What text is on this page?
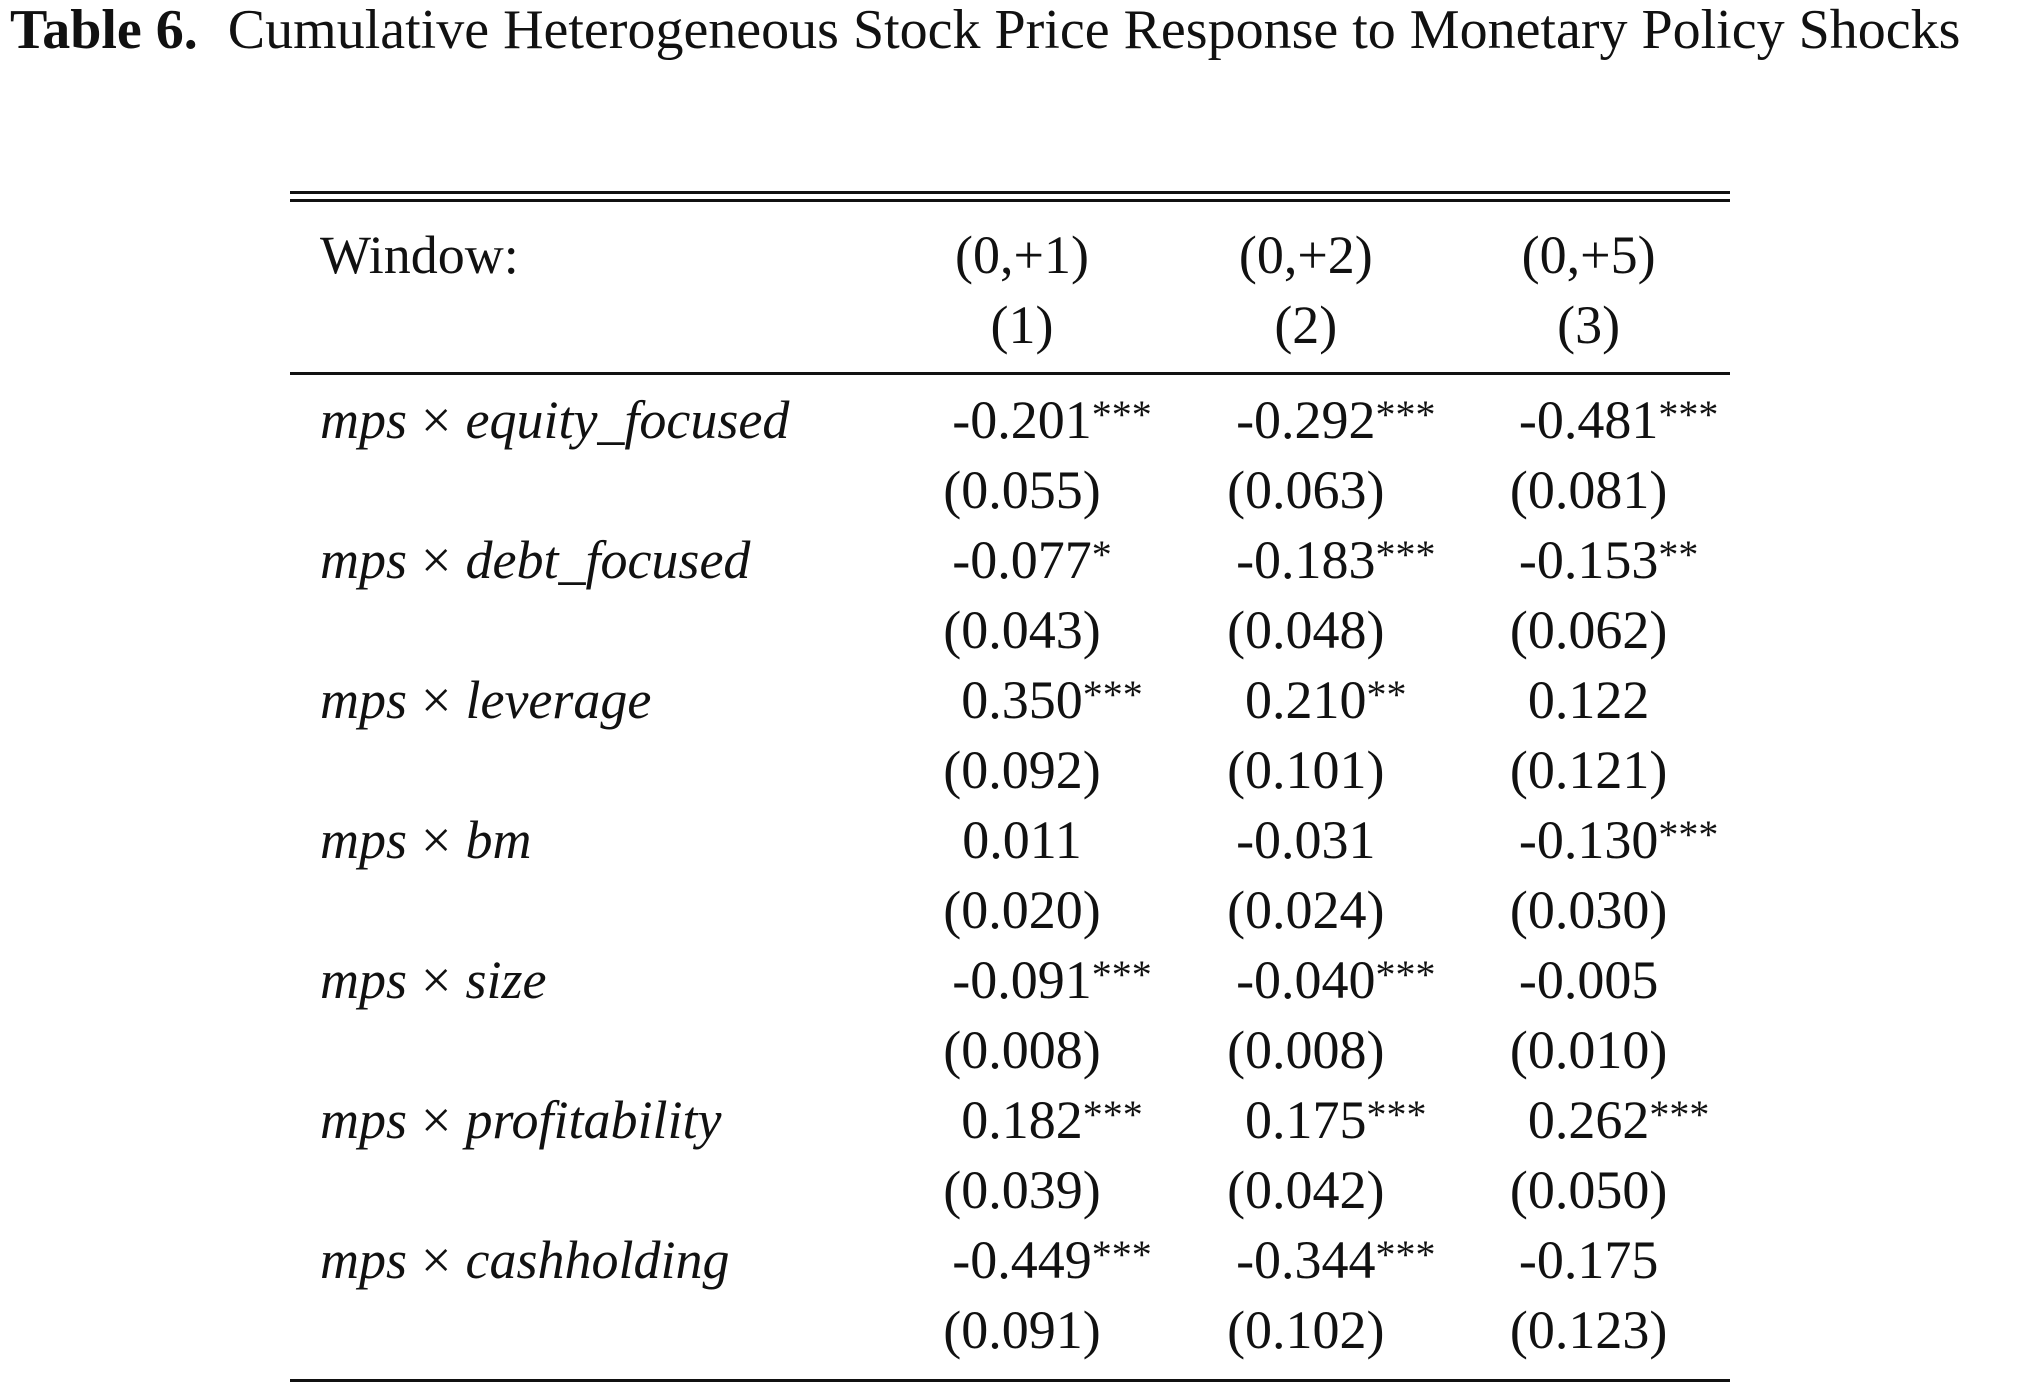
Table 6. Cumulative Heterogeneous Stock Price Response to Monetary Policy Shocks
Window:	(0,+1)	(0,+2)	(0,+5)
(1)	(2)	(3)
mps × equity_focused	-0.201***	-0.292***	-0.481***
(0.055)	(0.063)	(0.081)
mps × debt_focused	-0.077*	-0.183***	-0.153**
(0.043)	(0.048)	(0.062)
mps × leverage	0.350***	0.210**	0.122
(0.092)	(0.101)	(0.121)
mps × bm	0.011	-0.031	-0.130***
(0.020)	(0.024)	(0.030)
mps × size	-0.091***	-0.040***	-0.005
(0.008)	(0.008)	(0.010)
mps × profitability	0.182***	0.175***	0.262***
(0.039)	(0.042)	(0.050)
mps × cashholding	-0.449***	-0.344***	-0.175
(0.091)	(0.102)	(0.123)
